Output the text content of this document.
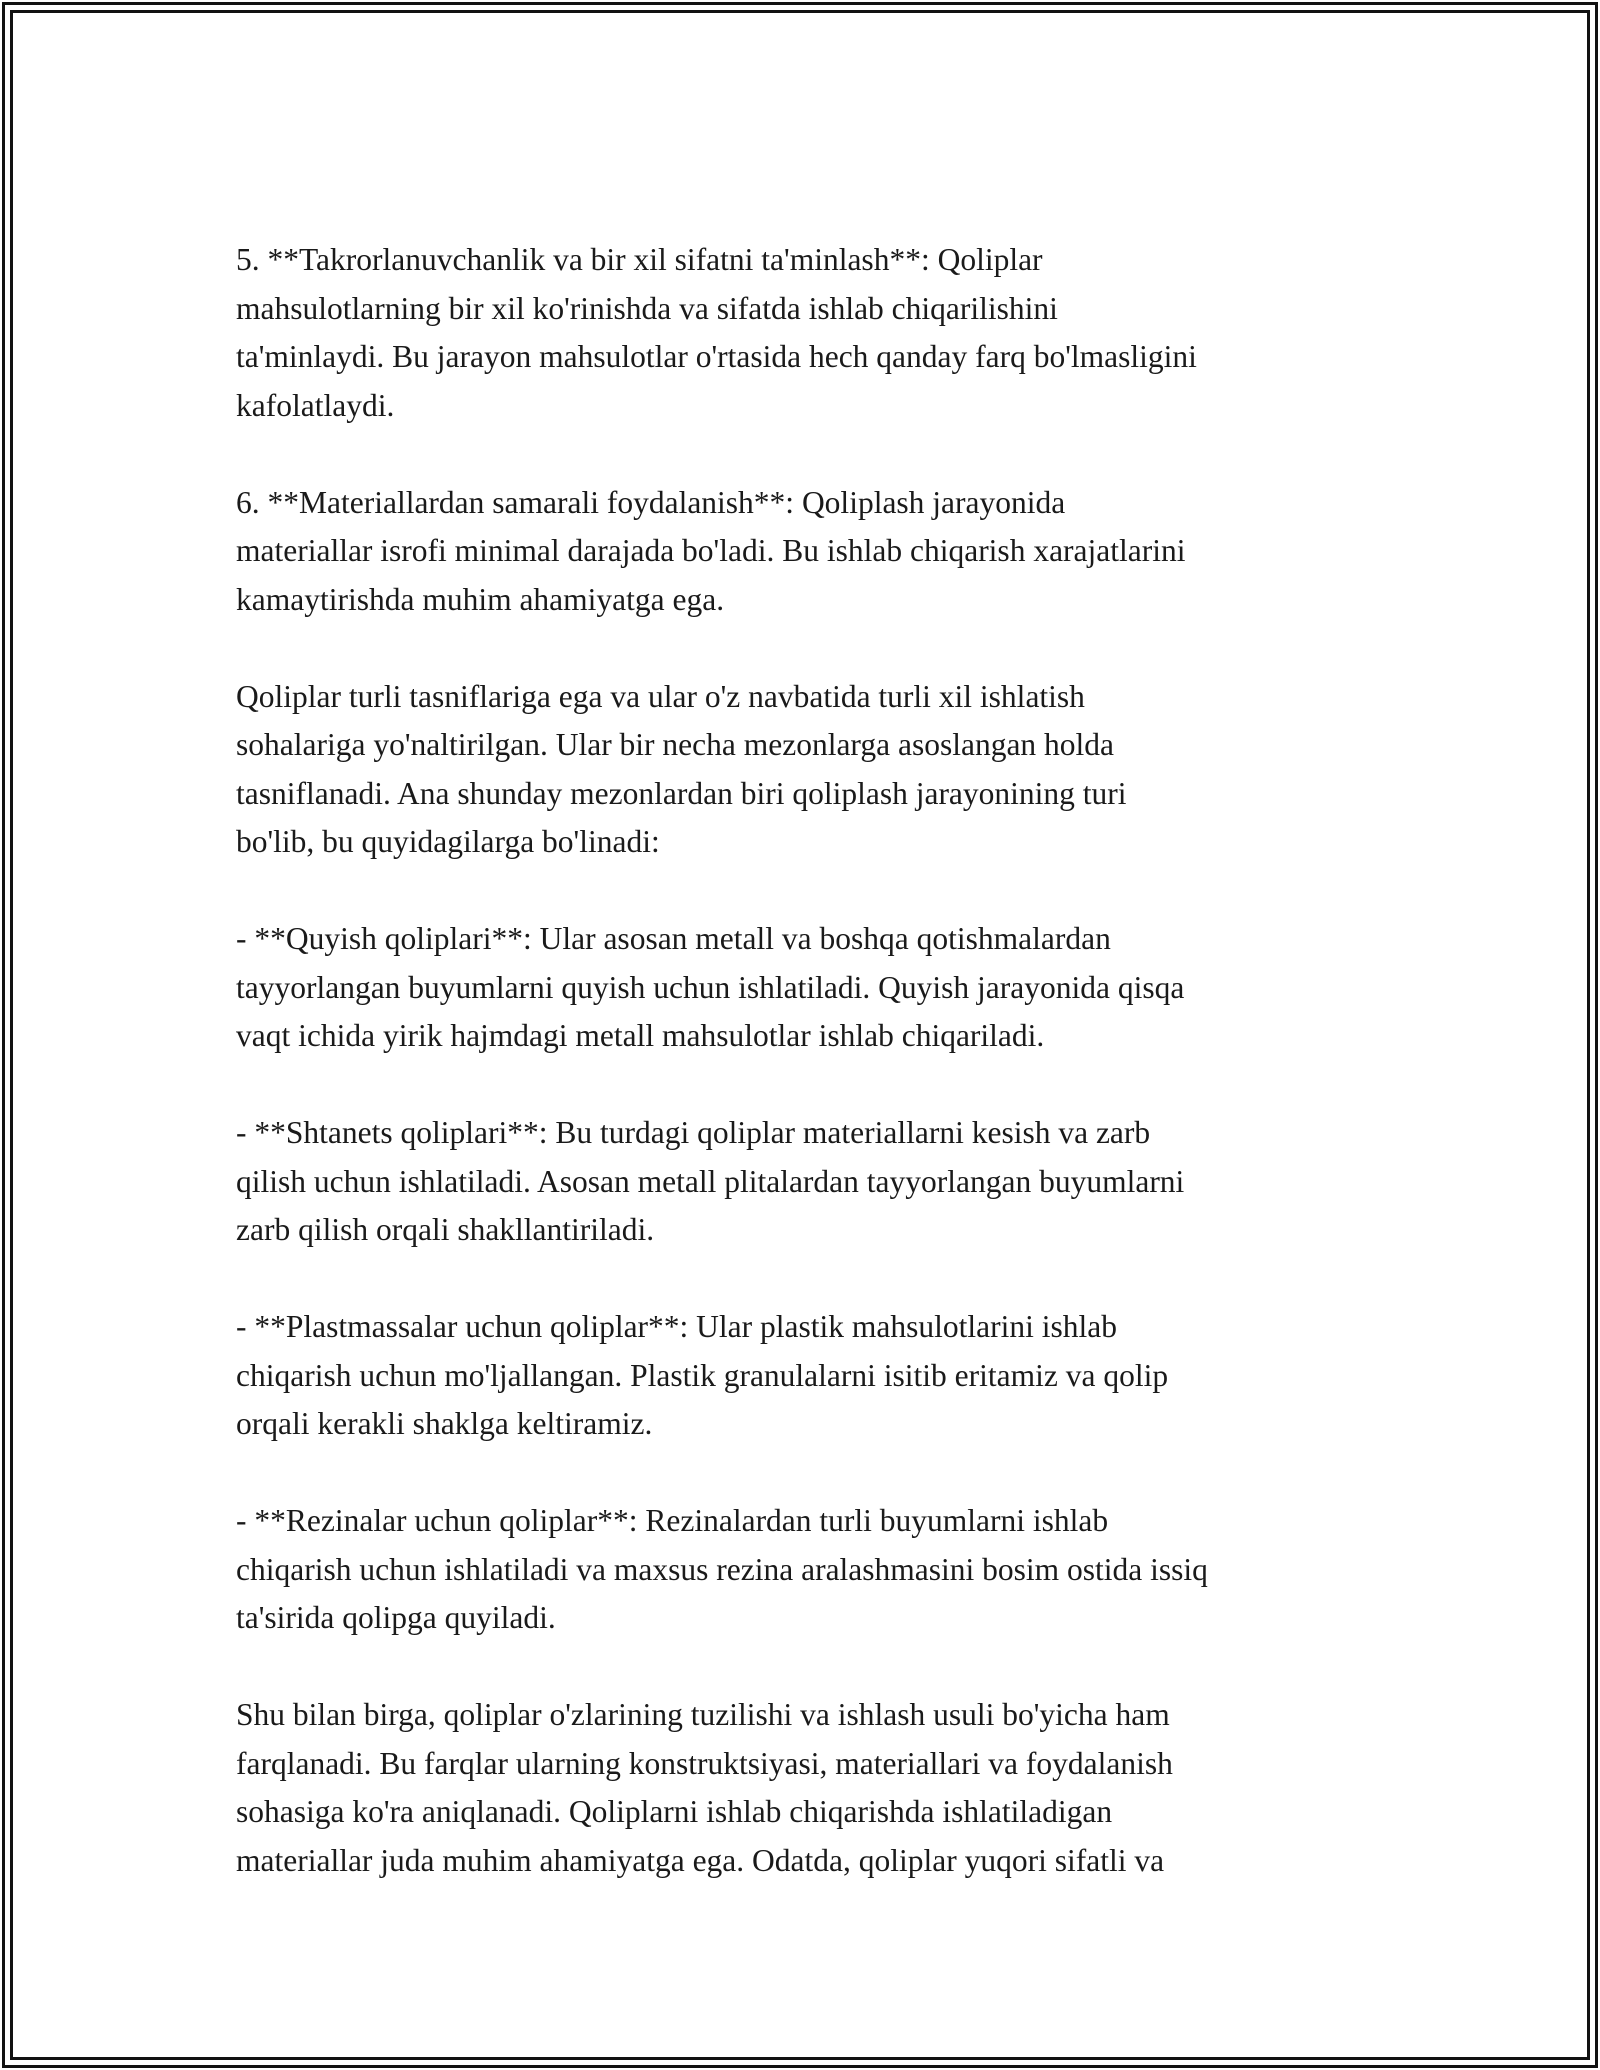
5. **Takrorlanuvchanlik va bir xil sifatni ta'minlash**: Qoliplar
mahsulotlarning bir xil ko'rinishda va sifatda ishlab chiqarilishini
ta'minlaydi. Bu jarayon mahsulotlar o'rtasida hech qanday farq bo'lmasligini
kafolatlaydi.

6. **Materiallardan samarali foydalanish**: Qoliplash jarayonida
materiallar isrofi minimal darajada bo'ladi. Bu ishlab chiqarish xarajatlarini
kamaytirishda muhim ahamiyatga ega.

Qoliplar turli tasniflariga ega va ular o'z navbatida turli xil ishlatish
sohalariga yo'naltirilgan. Ular bir necha mezonlarga asoslangan holda
tasniflanadi. Ana shunday mezonlardan biri qoliplash jarayonining turi
bo'lib, bu quyidagilarga bo'linadi:

- **Quyish qoliplari**: Ular asosan metall va boshqa qotishmalardan
tayyorlangan buyumlarni quyish uchun ishlatiladi. Quyish jarayonida qisqa
vaqt ichida yirik hajmdagi metall mahsulotlar ishlab chiqariladi.

- **Shtanets qoliplari**: Bu turdagi qoliplar materiallarni kesish va zarb
qilish uchun ishlatiladi. Asosan metall plitalardan tayyorlangan buyumlarni
zarb qilish orqali shakllantiriladi.

- **Plastmassalar uchun qoliplar**: Ular plastik mahsulotlarini ishlab
chiqarish uchun mo'ljallangan. Plastik granulalarni isitib eritamiz va qolip
orqali kerakli shaklga keltiramiz.

- **Rezinalar uchun qoliplar**: Rezinalardan turli buyumlarni ishlab
chiqarish uchun ishlatiladi va maxsus rezina aralashmasini bosim ostida issiq
ta'sirida qolipga quyiladi.

Shu bilan birga, qoliplar o'zlarining tuzilishi va ishlash usuli bo'yicha ham
farqlanadi. Bu farqlar ularning konstruktsiyasi, materiallari va foydalanish
sohasiga ko'ra aniqlanadi. Qoliplarni ishlab chiqarishda ishlatiladigan
materiallar juda muhim ahamiyatga ega. Odatda, qoliplar yuqori sifatli va
